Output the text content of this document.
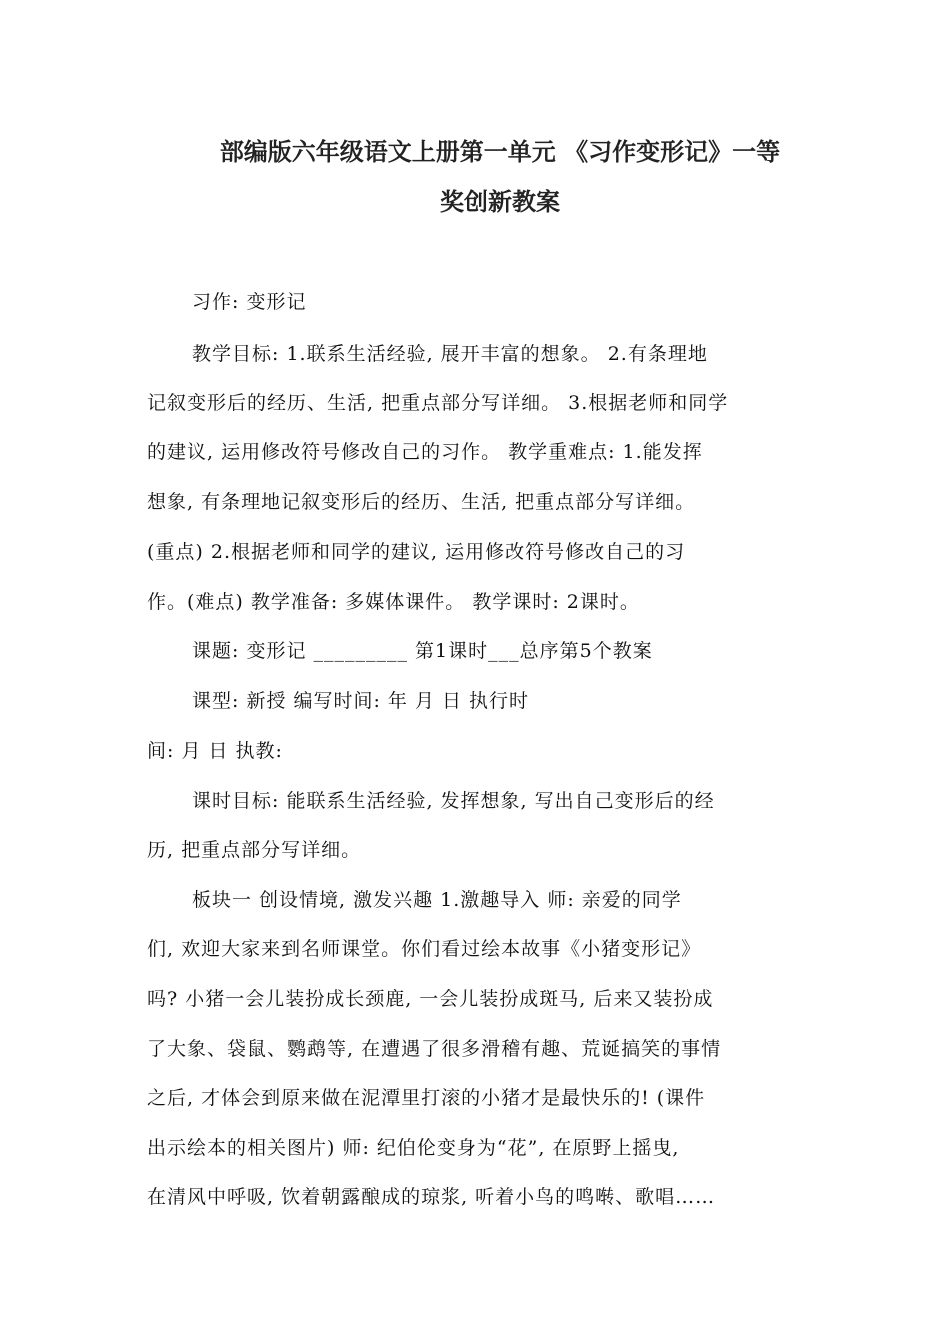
部编版六年级语文上册第一单元 《习作变形记》一等
奖创新教案
习作: 变形记
教学目标: 1.联系生活经验, 展开丰富的想象。 2.有条理地
记叙变形后的经历、生活, 把重点部分写详细。 3.根据老师和同学
的建议, 运用修改符号修改自己的习作。 教学重难点: 1.能发挥
想象, 有条理地记叙变形后的经历、生活, 把重点部分写详细。
(重点) 2.根据老师和同学的建议, 运用修改符号修改自己的习
作。(难点) 教学准备: 多媒体课件。 教学课时: 2课时。
课题: 变形记 _________ 第1课时___总序第5个教案
课型: 新授 编写时间: 年 月 日 执行时
间: 月 日 执教:
课时目标: 能联系生活经验, 发挥想象, 写出自己变形后的经
历, 把重点部分写详细。
板块一 创设情境, 激发兴趣 1.激趣导入 师: 亲爱的同学
们, 欢迎大家来到名师课堂。你们看过绘本故事《小猪变形记》
吗? 小猪一会儿装扮成长颈鹿, 一会儿装扮成斑马, 后来又装扮成
了大象、袋鼠、鹦鹉等, 在遭遇了很多滑稽有趣、荒诞搞笑的事情
之后, 才体会到原来做在泥潭里打滚的小猪才是最快乐的! (课件
出示绘本的相关图片) 师: 纪伯伦变身为“花”, 在原野上摇曳,
在清风中呼吸, 饮着朝露酿成的琼浆, 听着小鸟的鸣啭、歌唱……
